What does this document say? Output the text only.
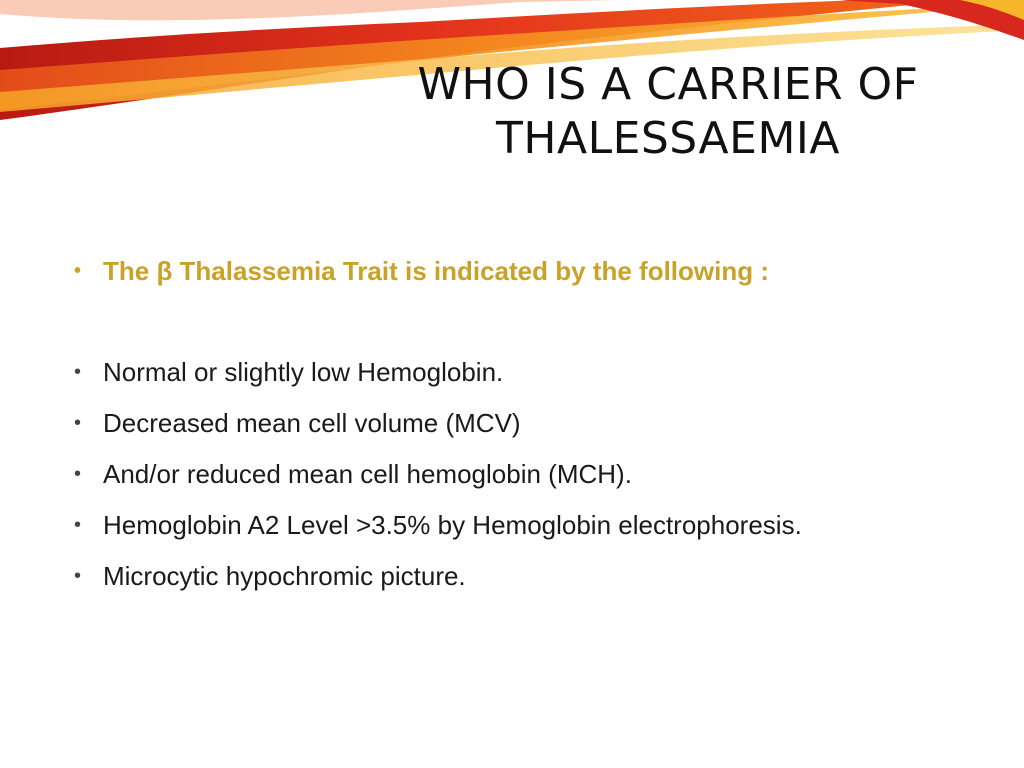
WHO IS A CARRIER OF
THALESSAEMIA
• The β Thalassemia Trait is indicated by the following :
• Normal or slightly low Hemoglobin.
• Decreased mean cell volume (MCV)
• And/or reduced mean cell hemoglobin (MCH).
• Hemoglobin A2 Level >3.5% by Hemoglobin electrophoresis.
• Microcytic hypochromic picture.
